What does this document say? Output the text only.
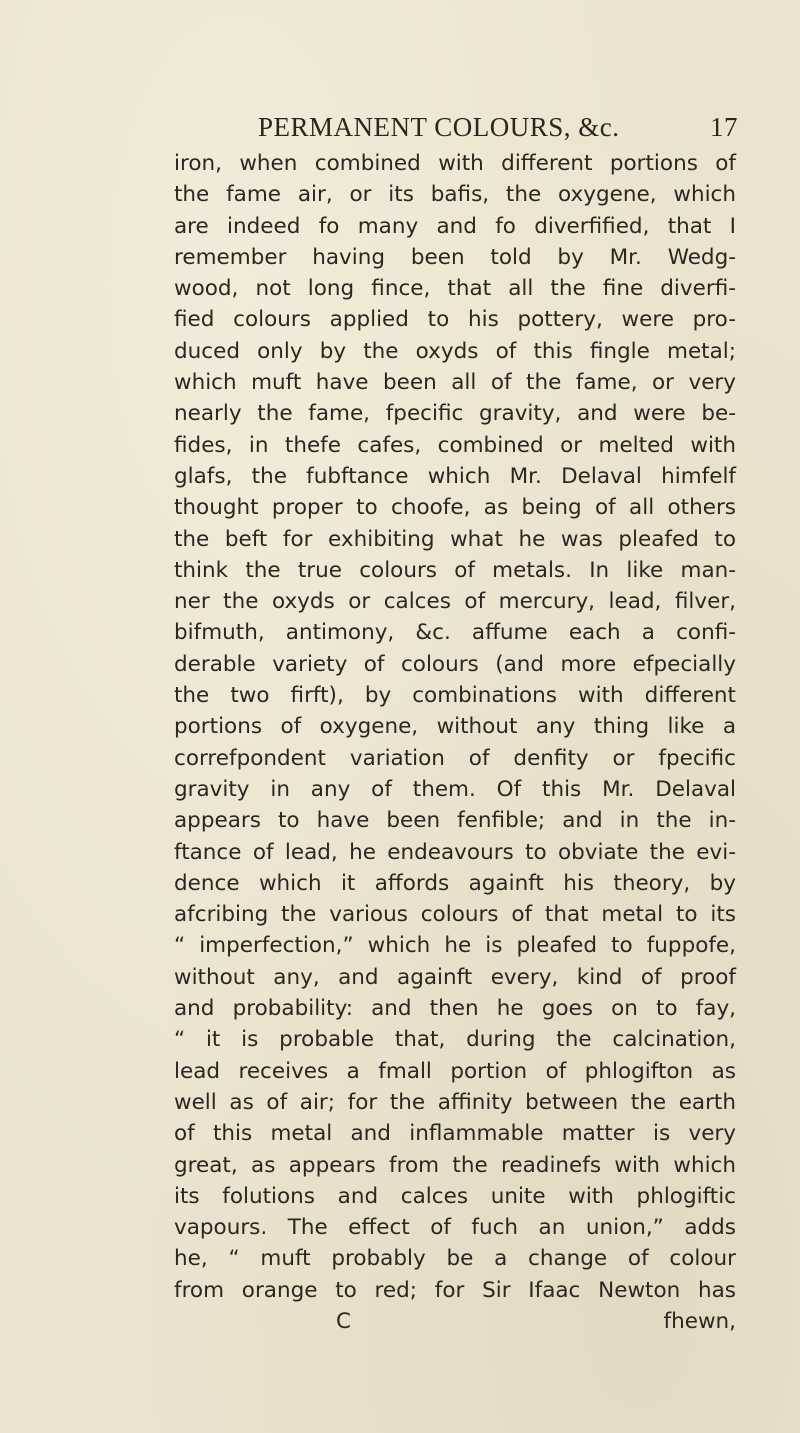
PERMANENT COLOURS, &c.	17
iron, when combined with different portions of
the fame air, or its bafis, the oxygene, which
are indeed fo many and fo diverfified, that I
remember having been told by Mr. Wedg-
wood, not long fince, that all the fine diverfi-
fied colours applied to his pottery, were pro-
duced only by the oxyds of this fingle metal;
which muft have been all of the fame, or very
nearly the fame, fpecific gravity, and were be-
fides, in thefe cafes, combined or melted with
glafs, the fubftance which Mr. Delaval himfelf
thought proper to choofe, as being of all others
the beft for exhibiting what he was pleafed to
think the true colours of metals. In like man-
ner the oxyds or calces of mercury, lead, filver,
bifmuth, antimony, &c. affume each a confi-
derable variety of colours (and more efpecially
the two firft), by combinations with different
portions of oxygene, without any thing like a
correfpondent variation of denfity or fpecific
gravity in any of them. Of this Mr. Delaval
appears to have been fenfible; and in the in-
ftance of lead, he endeavours to obviate the evi-
dence which it affords againft his theory, by
afcribing the various colours of that metal to its
“ imperfection,” which he is pleafed to fuppofe,
without any, and againft every, kind of proof
and probability: and then he goes on to fay,
“ it is probable that, during the calcination,
lead receives a fmall portion of phlogifton as
well as of air; for the affinity between the earth
of this metal and inflammable matter is very
great, as appears from the readinefs with which
its folutions and calces unite with phlogiftic
vapours. The effect of fuch an union,” adds
he, “ muft probably be a change of colour
from orange to red; for Sir Ifaac Newton has
C	fhewn,
